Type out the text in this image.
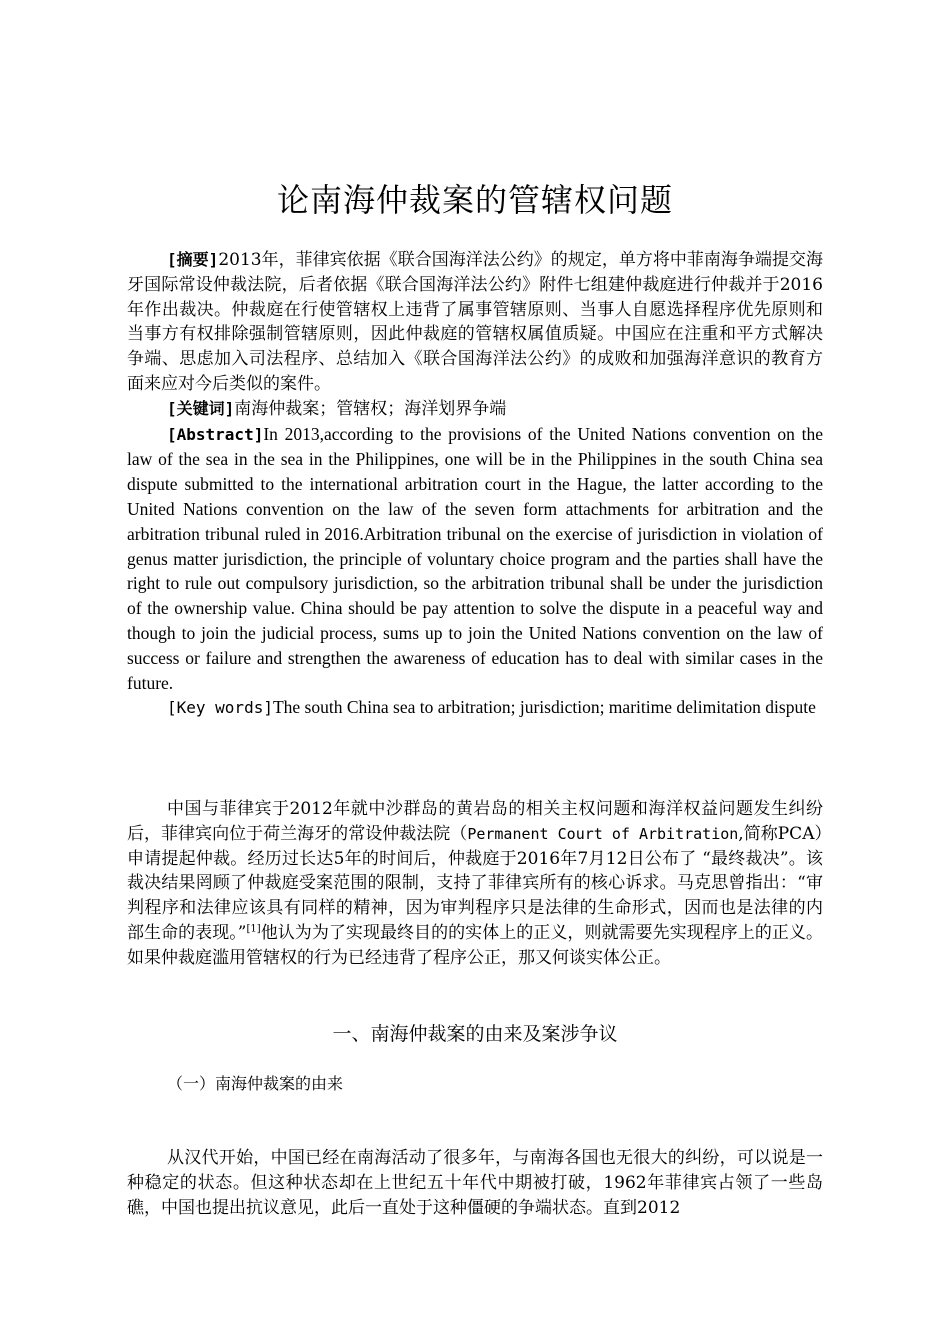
论南海仲裁案的管辖权问题

[摘要]2013年，菲律宾依据《联合国海洋法公约》的规定，单方将中菲南海争端提交海牙国际常设仲裁法院，后者依据《联合国海洋法公约》附件七组建仲裁庭进行仲裁并于2016年作出裁决。仲裁庭在行使管辖权上违背了属事管辖原则、当事人自愿选择程序优先原则和当事方有权排除强制管辖原则，因此仲裁庭的管辖权属值质疑。中国应在注重和平方式解决争端、思虑加入司法程序、总结加入《联合国海洋法公约》的成败和加强海洋意识的教育方面来应对今后类似的案件。

[关键词]南海仲裁案；管辖权；海洋划界争端

[Abstract]In 2013,according to the provisions of the United Nations convention on the law of the sea in the sea in the Philippines, one will be in the Philippines in the south China sea dispute submitted to the international arbitration court in the Hague, the latter according to the United Nations convention on the law of the seven form attachments for arbitration and the arbitration tribunal ruled in 2016.Arbitration tribunal on the exercise of jurisdiction in violation of genus matter jurisdiction, the principle of voluntary choice program and the parties shall have the right to rule out compulsory jurisdiction, so the arbitration tribunal shall be under the jurisdiction of the ownership value. China should be pay attention to solve the dispute in a peaceful way and though to join the judicial process, sums up to join the United Nations convention on the law of success or failure and strengthen the awareness of education has to deal with similar cases in the future.

[Key words]The south China sea to arbitration; jurisdiction; maritime delimitation dispute

中国与菲律宾于2012年就中沙群岛的黄岩岛的相关主权问题和海洋权益问题发生纠纷后，菲律宾向位于荷兰海牙的常设仲裁法院（Permanent Court of Arbitration,简称PCA）申请提起仲裁。经历过长达5年的时间后，仲裁庭于2016年7月12日公布了 “最终裁决”。该裁决结果罔顾了仲裁庭受案范围的限制，支持了菲律宾所有的核心诉求。马克思曾指出：“审判程序和法律应该具有同样的精神，因为审判程序只是法律的生命形式，因而也是法律的内部生命的表现。”[1]他认为为了实现最终目的的实体上的正义，则就需要先实现程序上的正义。如果仲裁庭滥用管辖权的行为已经违背了程序公正，那又何谈实体公正。

一、南海仲裁案的由来及案涉争议
（一）南海仲裁案的由来

从汉代开始，中国已经在南海活动了很多年，与南海各国也无很大的纠纷，可以说是一种稳定的状态。但这种状态却在上世纪五十年代中期被打破，1962年菲律宾占领了一些岛礁，中国也提出抗议意见，此后一直处于这种僵硬的争端状态。直到2012
